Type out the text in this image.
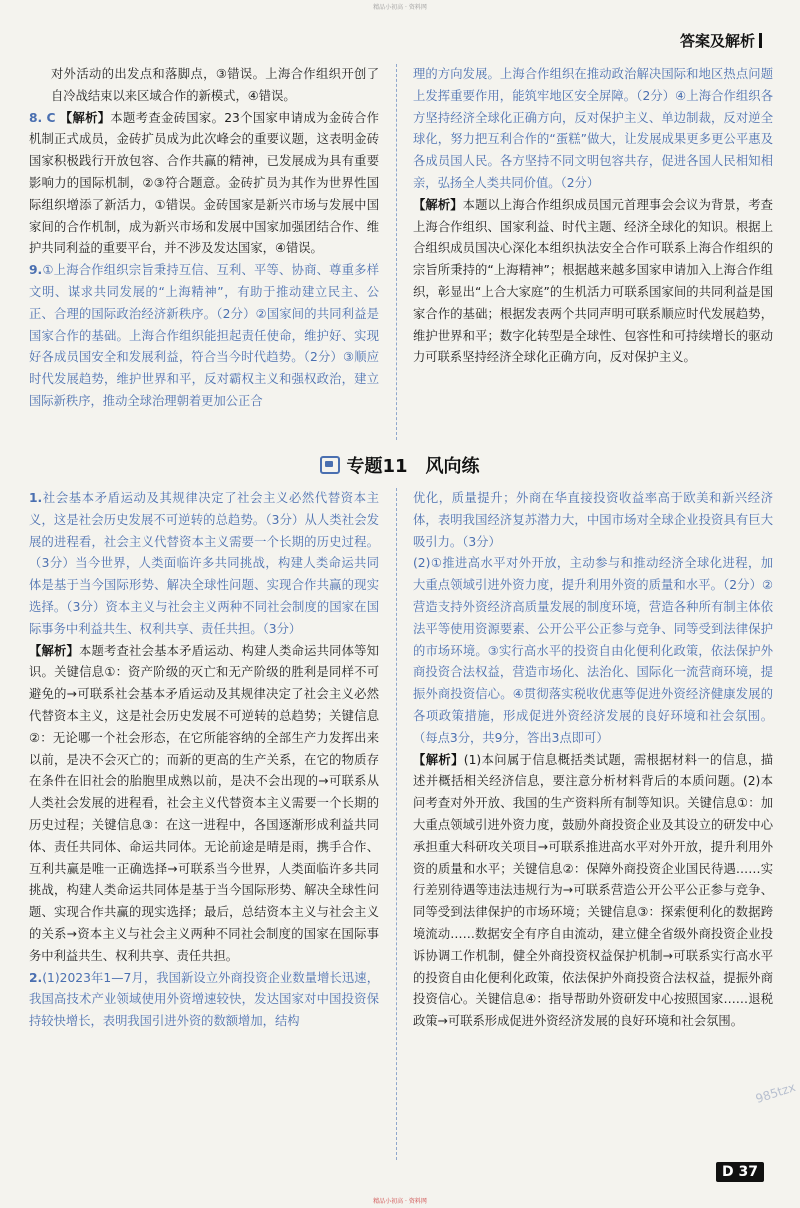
精品小初高 · 资料网
答案及解析

对外活动的出发点和落脚点，③错误。上海合作组织开创了自冷战结束以来区域合作的新模式，④错误。

8. C 【解析】本题考查金砖国家。23个国家申请成为金砖合作机制正式成员，金砖扩员成为此次峰会的重要议题，这表明金砖国家积极践行开放包容、合作共赢的精神，已发展成为具有重要影响力的国际机制，②③符合题意。金砖扩员为其作为世界性国际组织增添了新活力，①错误。金砖国家是新兴市场与发展中国家间的合作机制，成为新兴市场和发展中国家加强团结合作、维护共同利益的重要平台，并不涉及发达国家，④错误。

9.①上海合作组织宗旨秉持互信、互利、平等、协商、尊重多样文明、谋求共同发展的“上海精神”，有助于推动建立民主、公正、合理的国际政治经济新秩序。（2分）②国家间的共同利益是国家合作的基础。上海合作组织能担起责任使命，维护好、实现好各成员国安全和发展利益，符合当今时代趋势。（2分）③顺应时代发展趋势，维护世界和平，反对霸权主义和强权政治，建立国际新秩序，推动全球治理朝着更加公正合

理的方向发展。上海合作组织在推动政治解决国际和地区热点问题上发挥重要作用，能筑牢地区安全屏障。（2分）④上海合作组织各方坚持经济全球化正确方向，反对保护主义、单边制裁，反对逆全球化，努力把互利合作的“蛋糕”做大，让发展成果更多更公平惠及各成员国人民。各方坚持不同文明包容共存，促进各国人民相知相亲，弘扬全人类共同价值。（2分）

【解析】本题以上海合作组织成员国元首理事会会议为背景，考查上海合作组织、国家利益、时代主题、经济全球化的知识。根据上合组织成员国决心深化本组织执法安全合作可联系上海合作组织的宗旨所秉持的“上海精神”；根据越来越多国家申请加入上海合作组织，彰显出“上合大家庭”的生机活力可联系国家间的共同利益是国家合作的基础；根据发表两个共同声明可联系顺应时代发展趋势，维护世界和平；数字化转型是全球性、包容性和可持续增长的驱动力可联系坚持经济全球化正确方向，反对保护主义。

专题11　风向练

1.社会基本矛盾运动及其规律决定了社会主义必然代替资本主义，这是社会历史发展不可逆转的总趋势。（3分）从人类社会发展的进程看，社会主义代替资本主义需要一个长期的历史过程。（3分）当今世界，人类面临许多共同挑战，构建人类命运共同体是基于当今国际形势、解决全球性问题、实现合作共赢的现实选择。（3分）资本主义与社会主义两种不同社会制度的国家在国际事务中利益共生、权利共享、责任共担。（3分）

【解析】本题考查社会基本矛盾运动、构建人类命运共同体等知识。关键信息①：资产阶级的灭亡和无产阶级的胜利是同样不可避免的→可联系社会基本矛盾运动及其规律决定了社会主义必然代替资本主义，这是社会历史发展不可逆转的总趋势；关键信息②：无论哪一个社会形态，在它所能容纳的全部生产力发挥出来以前，是决不会灭亡的；而新的更高的生产关系，在它的物质存在条件在旧社会的胎胞里成熟以前，是决不会出现的→可联系从人类社会发展的进程看，社会主义代替资本主义需要一个长期的历史过程；关键信息③：在这一进程中，各国逐渐形成利益共同体、责任共同体、命运共同体。无论前途是晴是雨，携手合作、互利共赢是唯一正确选择→可联系当今世界，人类面临许多共同挑战，构建人类命运共同体是基于当今国际形势、解决全球性问题、实现合作共赢的现实选择；最后，总结资本主义与社会主义的关系→资本主义与社会主义两种不同社会制度的国家在国际事务中利益共生、权利共享、责任共担。

2.(1)2023年1—7月，我国新设立外商投资企业数量增长迅速，我国高技术产业领域使用外资增速较快，发达国家对中国投资保持较快增长，表明我国引进外资的数额增加，结构

优化，质量提升；外商在华直接投资收益率高于欧美和新兴经济体，表明我国经济复苏潜力大，中国市场对全球企业投资具有巨大吸引力。（3分）

(2)①推进高水平对外开放，主动参与和推动经济全球化进程，加大重点领域引进外资力度，提升利用外资的质量和水平。（2分）②营造支持外资经济高质量发展的制度环境，营造各种所有制主体依法平等使用资源要素、公开公平公正参与竞争、同等受到法律保护的市场环境。③实行高水平的投资自由化便利化政策，依法保护外商投资合法权益，营造市场化、法治化、国际化一流营商环境，提振外商投资信心。④贯彻落实税收优惠等促进外资经济健康发展的各项政策措施，形成促进外资经济发展的良好环境和社会氛围。（每点3分，共9分，答出3点即可）

【解析】(1)本问属于信息概括类试题，需根据材料一的信息，描述并概括相关经济信息，要注意分析材料背后的本质问题。(2)本问考查对外开放、我国的生产资料所有制等知识。关键信息①：加大重点领域引进外资力度，鼓励外商投资企业及其设立的研发中心承担重大科研攻关项目→可联系推进高水平对外开放，提升利用外资的质量和水平；关键信息②：保障外商投资企业国民待遇……实行差别待遇等违法违规行为→可联系营造公开公平公正参与竞争、同等受到法律保护的市场环境；关键信息③：探索便利化的数据跨境流动……数据安全有序自由流动，建立健全省级外商投资企业投诉协调工作机制，健全外商投资权益保护机制→可联系实行高水平的投资自由化便利化政策，依法保护外商投资合法权益，提振外商投资信心。关键信息④：指导帮助外资研发中心按照国家……退税政策→可联系形成促进外资经济发展的良好环境和社会氛围。

985tzx
D 37
精品小初高 · 资料网
